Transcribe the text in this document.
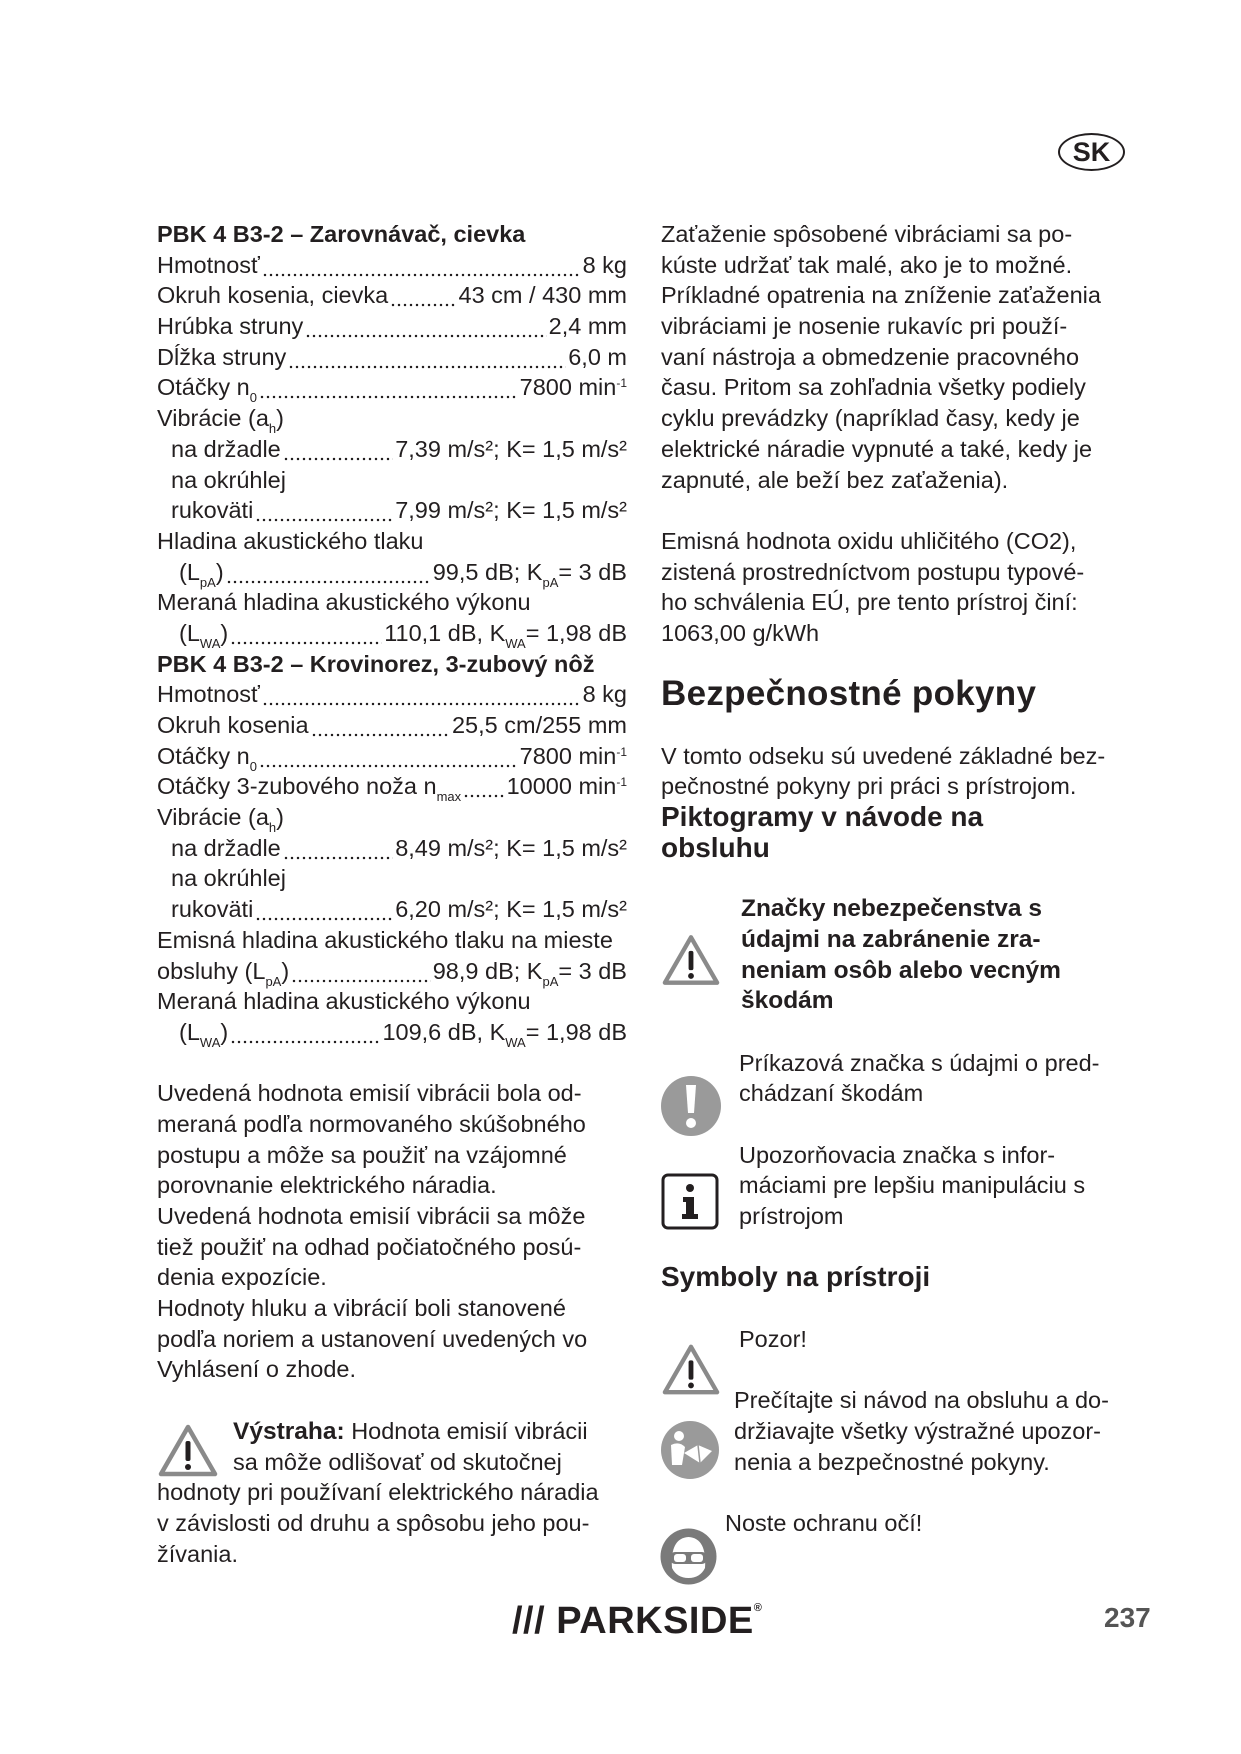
SK
PBK 4 B3-2 – Zarovnávač, cievka
Hmotnosť	8 kg
Okruh kosenia, cievka	43 cm / 430 mm
Hrúbka struny	2,4 mm
Dĺžka struny	6,0 m
Otáčky $n_0$	7800 $\min^{-1}$
Vibrácie $(a_h)$
na držadle	7,39 m/s²; K= 1,5 m/s²
na okrúhlej
rukoväti	7,99 m/s²; K= 1,5 m/s²
Hladina akustického tlaku
$(L_{pA})$	99,5 dB; $K_{pA}= 3$ dB
Meraná hladina akustického výkonu
$(L_{WA})$	110,1 dB, $K_{WA}= 1,98$ dB
PBK 4 B3-2 – Krovinorez, 3-zubový nôž
Hmotnosť	8 kg
Okruh kosenia	25,5 cm/255 mm
Otáčky $n_0$	7800 $\min^{-1}$
Otáčky 3-zubového noža $n_{max}$ 10000 $\min^{-1}$
Vibrácie $(a_h)$
na držadle	8,49 m/s²; K= 1,5 m/s²
na okrúhlej
rukoväti	6,20 m/s²; K= 1,5 m/s²
Emisná hladina akustického tlaku na mieste
obsluhy $(L_{pA})$	98,9 dB; $K_{pA}= 3$ dB
Meraná hladina akustického výkonu
$(L_{WA})$	109,6 dB, $K_{WA}= 1,98$ dB
Uvedená hodnota emisií vibrácii bola od-
meraná podľa normovaného skúšobného
postupu a môže sa použiť na vzájomné
porovnanie elektrického náradia.
Uvedená hodnota emisií vibrácii sa môže
tiež použiť na odhad počiatočného posú-
denia expozície.
Hodnoty hluku a vibrácií boli stanovené
podľa noriem a ustanovení uvedených vo
Vyhlásení o zhode.
Výstraha: Hodnota emisií vibrácii
sa môže odlišovať od skutočnej
hodnoty pri používaní elektrického náradia
v závislosti od druhu a spôsobu jeho pou-
žívania.
Zaťaženie spôsobené vibráciami sa po-
kúste udržať tak malé, ako je to možné.
Príkladné opatrenia na zníženie zaťaženia
vibráciami je nosenie rukavíc pri použí-
vaní nástroja a obmedzenie pracovného
času. Pritom sa zohľadnia všetky podiely
cyklu prevádzky (napríklad časy, kedy je
elektrické náradie vypnuté a také, kedy je
zapnuté, ale beží bez zaťaženia).
Emisná hodnota oxidu uhličitého (CO2),
zistená prostredníctvom postupu typové-
ho schválenia EÚ, pre tento prístroj činí:
1063,00 g/kWh
Bezpečnostné pokyny
V tomto odseku sú uvedené základné bez-
pečnostné pokyny pri práci s prístrojom.
Piktogramy v návode na
obsluhu
Značky nebezpečenstva s
údajmi na zabránenie zra-
neniam osôb alebo vecným
škodám
Príkazová značka s údajmi o pred-
chádzaní škodám
Upozorňovacia značka s infor-
máciami pre lepšiu manipuláciu s
prístrojom
Symboly na prístroji
Pozor!
Prečítajte si návod na obsluhu a do-
držiavajte všetky výstražné upozor-
nenia a bezpečnostné pokyny.
Noste ochranu očí!
/// PARKSIDE®	237
